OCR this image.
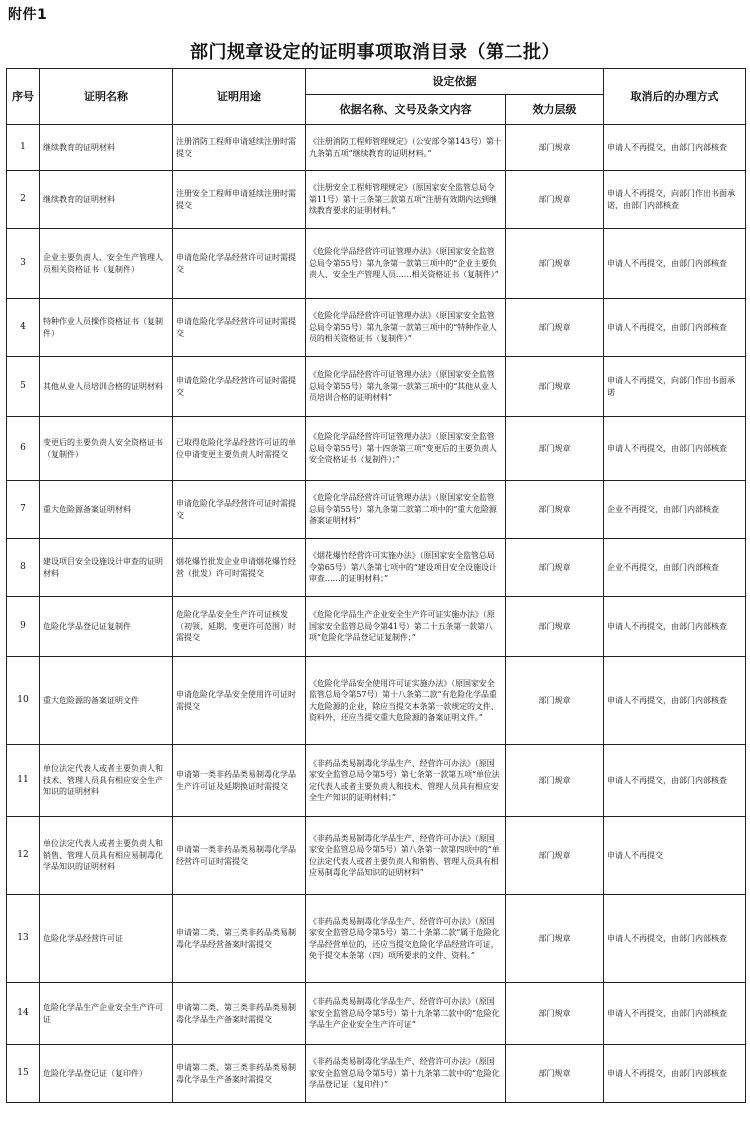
附件1
部门规章设定的证明事项取消目录（第二批）
序号	证明名称	证明用途	设定依据		取消后的办理方式
			依据名称、文号及条文内容	效力层级	
1	继续教育的证明材料	注册消防工程师申请延续注册时需提交	《注册消防工程师管理规定》（公安部令第143号）第十九条第五项“继续教育的证明材料。”	部门规章	申请人不再提交，由部门内部核查
2	继续教育的证明材料	注册安全工程师申请延续注册时需提交	《注册安全工程师管理规定》（原国家安全监管总局令第11号）第十三条第三款第五项“注册有效期内达到继续教育要求的证明材料。”	部门规章	申请人不再提交，向部门作出书面承诺，由部门内部核查
3	企业主要负责人、安全生产管理人员相关资格证书（复制件）	申请危险化学品经营许可证时需提交	《危险化学品经营许可证管理办法》（原国家安全监管总局令第55号）第九条第一款第三项中的“企业主要负责人、安全生产管理人员……相关资格证书（复制件）”	部门规章	申请人不再提交，由部门内部核查
4	特种作业人员操作资格证书（复制件）	申请危险化学品经营许可证时需提交	《危险化学品经营许可证管理办法》（原国家安全监管总局令第55号）第九条第一款第三项中的“特种作业人员的相关资格证书（复制件）”	部门规章	申请人不再提交，由部门内部核查
5	其他从业人员培训合格的证明材料	申请危险化学品经营许可证时需提交	《危险化学品经营许可证管理办法》（原国家安全监管总局令第55号）第九条第一款第三项中的“其他从业人员培训合格的证明材料”	部门规章	申请人不再提交，向部门作出书面承诺
6	变更后的主要负责人安全资格证书（复制件）	已取得危险化学品经营许可证的单位申请变更主要负责人时需提交	《危险化学品经营许可证管理办法》（原国家安全监管总局令第55号）第十四条第三项“变更后的主要负责人安全资格证书（复制件）；”	部门规章	申请人不再提交，由部门内部核查
7	重大危险源备案证明材料	申请危险化学品经营许可证时需提交	《危险化学品经营许可证管理办法》（原国家安全监管总局令第55号）第九条第二款第二项中的“重大危险源备案证明材料”	部门规章	企业不再提交，由部门内部核查
8	建设项目安全设施设计审查的证明材料	烟花爆竹批发企业申请烟花爆竹经营（批发）许可时需提交	《烟花爆竹经营许可实施办法》（原国家安全监管总局令第65号）第八条第七项中的“建设项目安全设施设计审查……的证明材料；”	部门规章	企业不再提交，由部门内部核查
9	危险化学品登记证复制件	危险化学品安全生产许可证核发（初领、延期、变更许可范围）时需提交	《危险化学品生产企业安全生产许可证实施办法》（原国家安全监管总局令第41号）第二十五条第一款第八项“危险化学品登记证复制件；”	部门规章	申请人不再提交，由部门内部核查
10	重大危险源的备案证明文件	申请危险化学品安全使用许可证时需提交	《危险化学品安全使用许可证实施办法》（原国家安全监管总局令第57号）第十八条第二款“有危险化学品重大危险源的企业，除应当提交本条第一款规定的文件、资料外，还应当提交重大危险源的备案证明文件。”	部门规章	申请人不再提交，由部门内部核查
11	单位法定代表人或者主要负责人和技术、管理人员具有相应安全生产知识的证明材料	申请第一类非药品类易制毒化学品生产许可证及延期换证时需提交	《非药品类易制毒化学品生产、经营许可办法》（原国家安全监管总局令第5号）第七条第一款第五项“单位法定代表人或者主要负责人和技术、管理人员具有相应安全生产知识的证明材料；”	部门规章	申请人不再提交，由部门内部核查
12	单位法定代表人或者主要负责人和销售、管理人员具有相应易制毒化学品知识的证明材料	申请第一类非药品类易制毒化学品经营许可证时需提交	《非药品类易制毒化学品生产、经营许可办法》（原国家安全监管总局令第5号）第八条第一款第四项中的“单位法定代表人或者主要负责人和销售、管理人员具有相应易制毒化学品知识的证明材料”	部门规章	申请人不再提交
13	危险化学品经营许可证	申请第二类、第三类非药品类易制毒化学品经营备案时需提交	《非药品类易制毒化学品生产、经营许可办法》（原国家安全监管总局令第5号）第二十条第二款“属于危险化学品经营单位的，还应当提交危险化学品经营许可证，免于提交本条第（四）项所要求的文件、资料。”	部门规章	申请人不再提交，由部门内部核查
14	危险化学品生产企业安全生产许可证	申请第二类、第三类非药品类易制毒化学品生产备案时需提交	《非药品类易制毒化学品生产、经营许可办法》（原国家安全监管总局令第5号）第十九条第二款中的“危险化学品生产企业安全生产许可证”	部门规章	申请人不再提交，由部门内部核查
15	危险化学品登记证（复印件）	申请第二类、第三类非药品类易制毒化学品生产备案时需提交	《非药品类易制毒化学品生产、经营许可办法》（原国家安全监管总局令第5号）第十九条第二款中的“危险化学品登记证（复印件）”	部门规章	申请人不再提交，由部门内部核查
